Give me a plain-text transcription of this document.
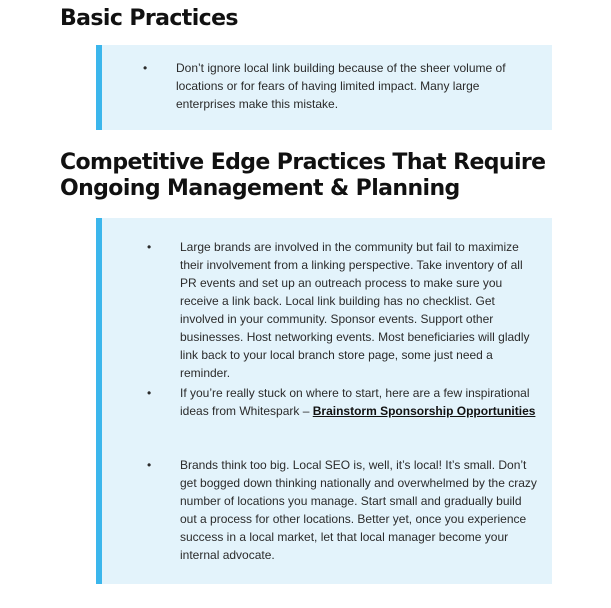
Basic Practices
• Don’t ignore local link building because of the sheer volume of locations or for fears of having limited impact. Many large enterprises make this mistake.
Competitive Edge Practices That Require Ongoing Management & Planning
• Large brands are involved in the community but fail to maximize their involvement from a linking perspective. Take inventory of all PR events and set up an outreach process to make sure you receive a link back. Local link building has no checklist. Get involved in your community. Sponsor events. Support other businesses. Host networking events. Most beneficiaries will gladly link back to your local branch store page, some just need a reminder.
• If you’re really stuck on where to start, here are a few inspirational ideas from Whitespark – Brainstorm Sponsorship Opportunities
• Brands think too big. Local SEO is, well, it’s local! It’s small. Don’t get bogged down thinking nationally and overwhelmed by the crazy number of locations you manage. Start small and gradually build out a process for other locations. Better yet, once you experience success in a local market, let that local manager become your internal advocate.
